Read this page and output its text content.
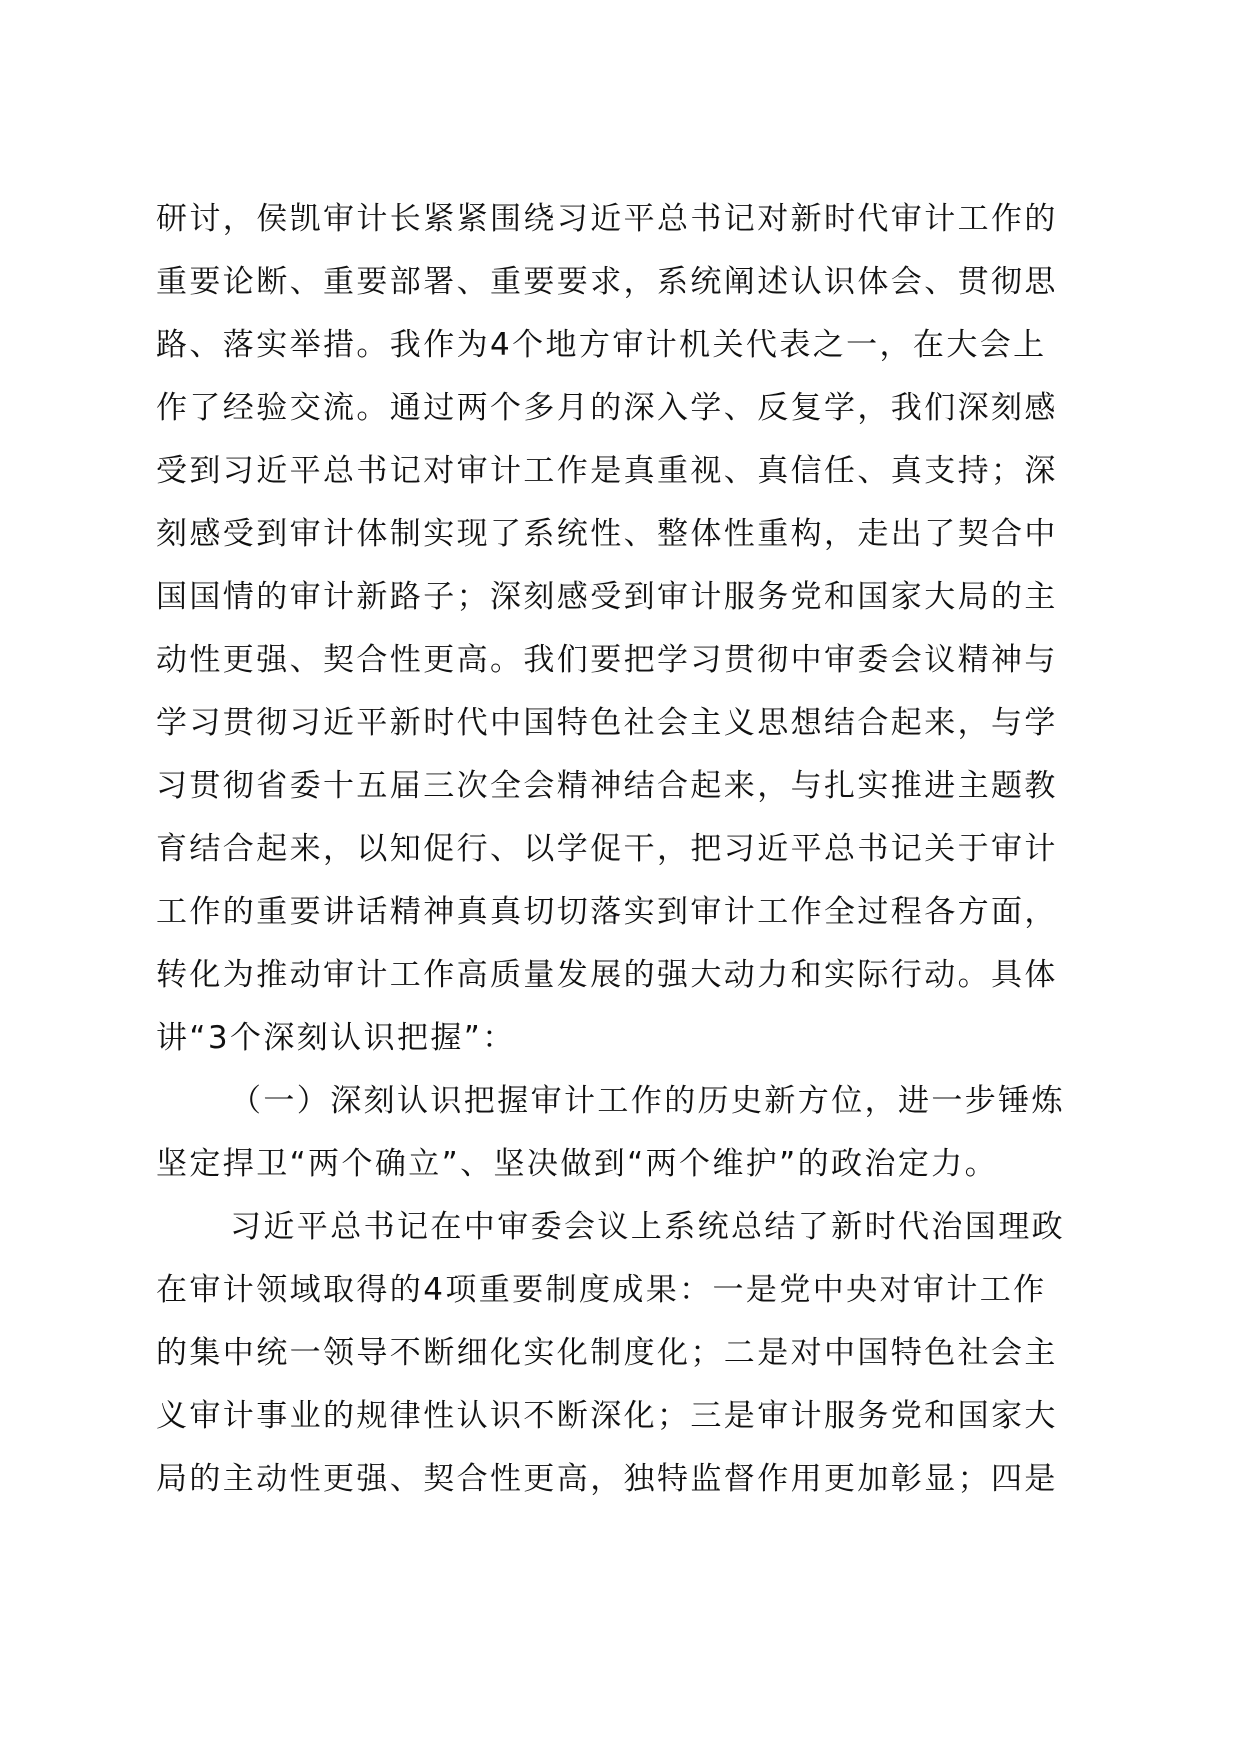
研讨，侯凯审计长紧紧围绕习近平总书记对新时代审计工作的
重要论断、重要部署、重要要求，系统阐述认识体会、贯彻思
路、落实举措。我作为4个地方审计机关代表之一，在大会上
作了经验交流。通过两个多月的深入学、反复学，我们深刻感
受到习近平总书记对审计工作是真重视、真信任、真支持；深
刻感受到审计体制实现了系统性、整体性重构，走出了契合中
国国情的审计新路子；深刻感受到审计服务党和国家大局的主
动性更强、契合性更高。我们要把学习贯彻中审委会议精神与
学习贯彻习近平新时代中国特色社会主义思想结合起来，与学
习贯彻省委十五届三次全会精神结合起来，与扎实推进主题教
育结合起来，以知促行、以学促干，把习近平总书记关于审计
工作的重要讲话精神真真切切落实到审计工作全过程各方面，
转化为推动审计工作高质量发展的强大动力和实际行动。具体
讲“3个深刻认识把握”：
（一）深刻认识把握审计工作的历史新方位，进一步锤炼
坚定捍卫“两个确立”、坚决做到“两个维护”的政治定力。
习近平总书记在中审委会议上系统总结了新时代治国理政
在审计领域取得的4项重要制度成果：一是党中央对审计工作
的集中统一领导不断细化实化制度化；二是对中国特色社会主
义审计事业的规律性认识不断深化；三是审计服务党和国家大
局的主动性更强、契合性更高，独特监督作用更加彰显；四是
